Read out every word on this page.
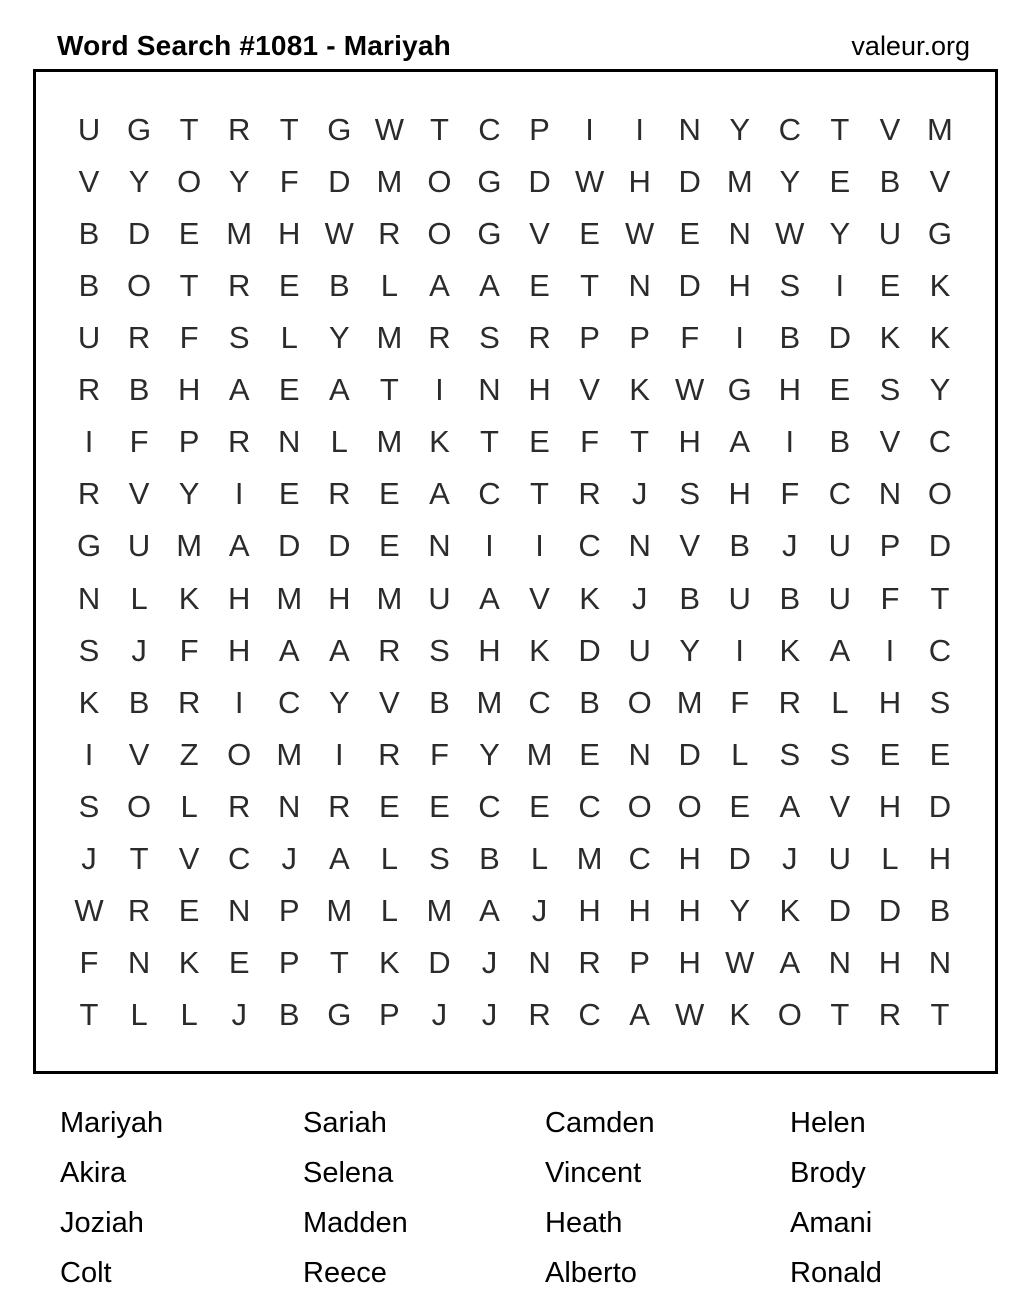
Word Search #1081 - Mariyah	valeur.org
U G T R T G W T C P	I	I	N Y C T V M
V Y O Y F D M O G D W H D M Y E B V
B D E M H W R O G V E W E N W Y U G
B O T R E B	L	A A E T N D H S	I	E K
U R F S	L	Y M R S R P P F	I	B D K K
R B H A E A T	I	N H V K W G H E S Y
I	F P R N L M K T E F	T H A	I	B V C
R V Y	I	E R E A C T R	J	S H F C N O
G U M A D D E N	I	I	C N V B	J	U P D
N L	K H M H M U A V K	J	B U B U F	T
S	J	F H A A R S H K D U Y	I	K A	I	C
K B R	I	C Y V B M C B O M F R L H S
I	V Z O M	I	R F Y M E N D L	S S E E
S O L R N R E E C E C O O E A V H D
J	T V C	J	A	L	S B	L M C H D	J	U L H
W R E N P M L M A	J	H H H Y K D D B
F N K E P T K D	J	N R P H W A N H N
T	L	L	J	B G P	J	J	R C A W K O T R T
Mariyah	Sariah	Camden	Helen
Akira	Selena	Vincent	Brody
Joziah	Madden	Heath	Amani
Colt	Reece	Alberto	Ronald
